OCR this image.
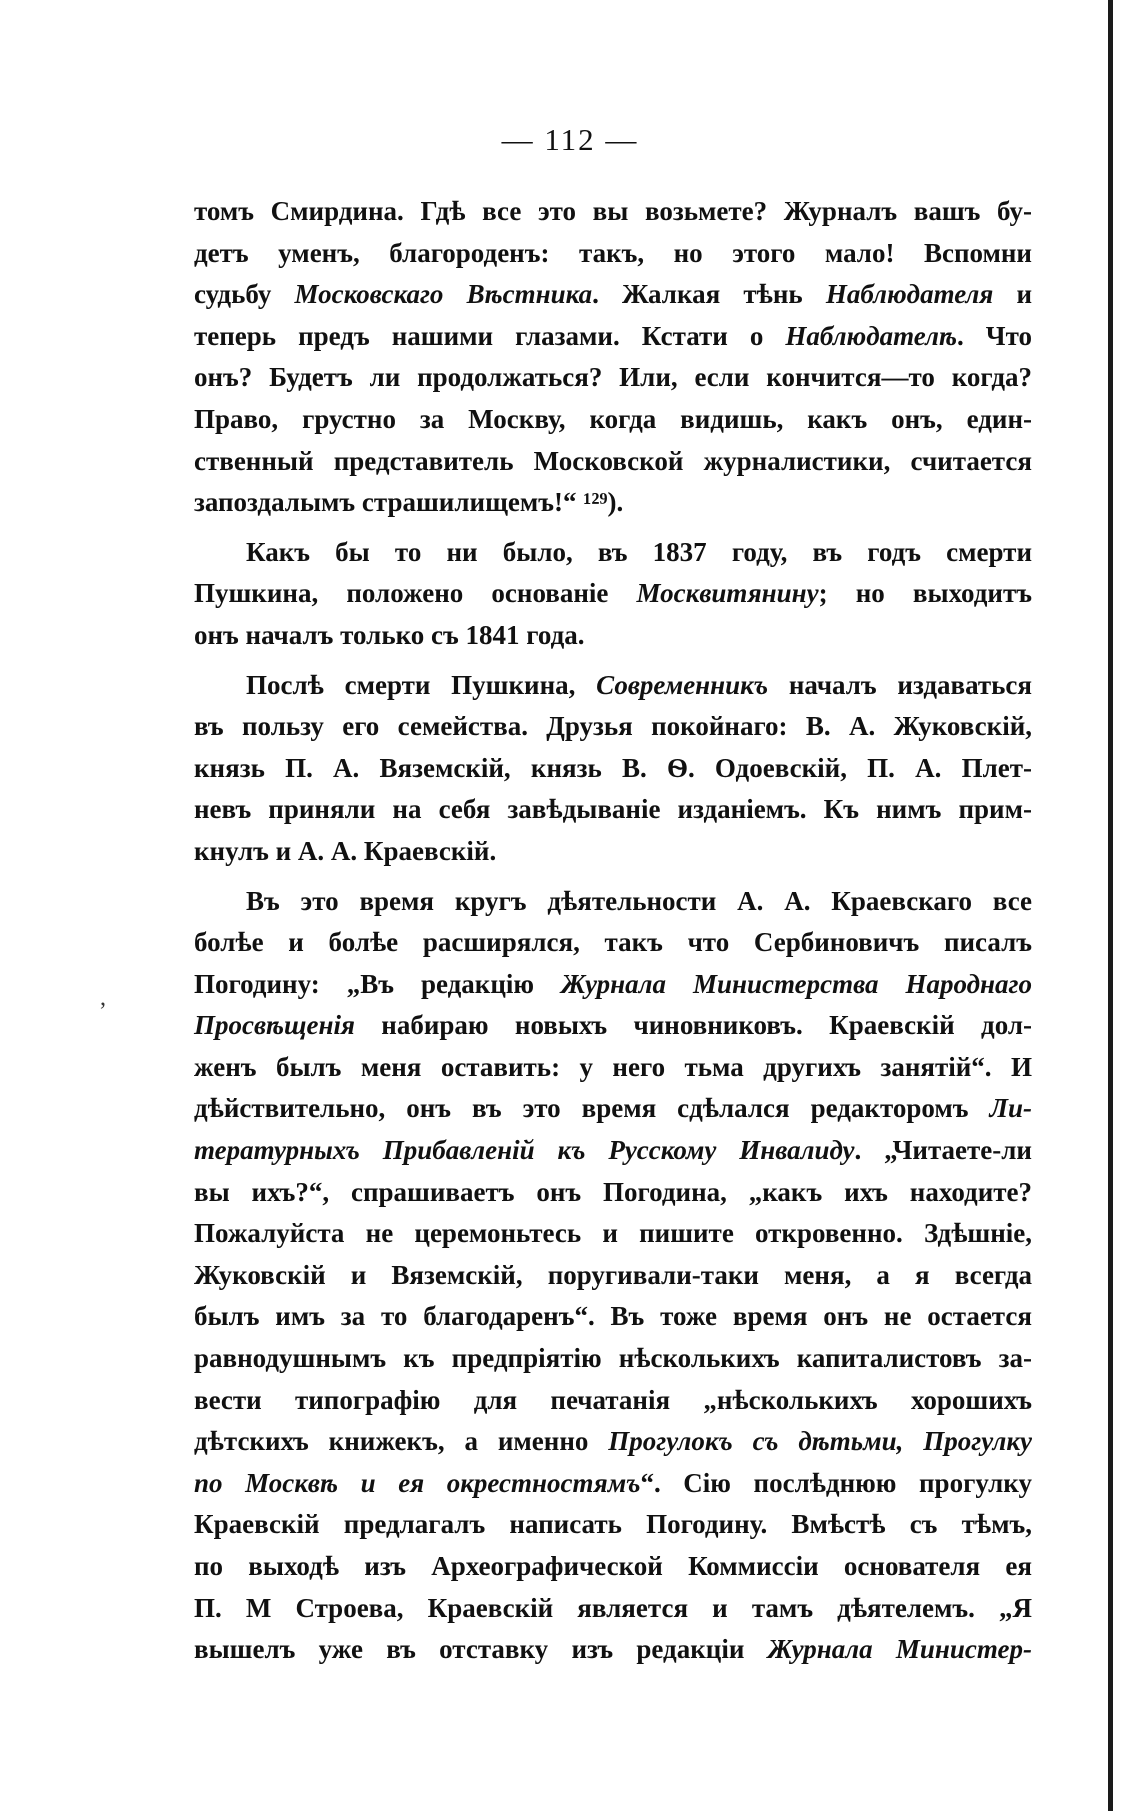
— 112 —
,
томъ Смирдина. Гдѣ все это вы возьмете? Журналъ вашъ бу-
детъ уменъ, благороденъ: такъ, но этого мало! Вспомни
судьбу Московскаго Вѣстника. Жалкая тѣнь Наблюдателя и
теперь предъ нашими глазами. Кстати о Наблюдателѣ. Что
онъ? Будетъ ли продолжаться? Или, если кончится—то когда?
Право, грустно за Москву, когда видишь, какъ онъ, един-
ственный представитель Московской журналистики, считается
запоздалымъ страшилищемъ!“ ¹²⁹).
Какъ бы то ни было, въ 1837 году, въ годъ смерти
Пушкина, положено основаніе Москвитянину; но выходитъ
онъ началъ только съ 1841 года.
Послѣ смерти Пушкина, Современникъ началъ издаваться
въ пользу его семейства. Друзья покойнаго: В. А. Жуковскій,
князь П. А. Вяземскій, князь В. Ѳ. Одоевскій, П. А. Плет-
невъ приняли на себя завѣдываніе изданіемъ. Къ нимъ прим-
кнулъ и А. А. Краевскій.
Въ это время кругъ дѣятельности А. А. Краевскаго все
болѣе и болѣе расширялся, такъ что Сербиновичъ писалъ
Погодину: „Въ редакцію Журнала Министерства Народнаго
Просвѣщенія набираю новыхъ чиновниковъ. Краевскій дол-
женъ былъ меня оставить: у него тьма другихъ занятій“. И
дѣйствительно, онъ въ это время сдѣлался редакторомъ Ли-
тературныхъ Прибавленій къ Русскому Инвалиду. „Читаете-ли
вы ихъ?“, спрашиваетъ онъ Погодина, „какъ ихъ находите?
Пожалуйста не церемоньтесь и пишите откровенно. Здѣшніе,
Жуковскій и Вяземскій, поругивали-таки меня, а я всегда
былъ имъ за то благодаренъ“. Въ тоже время онъ не остается
равнодушнымъ къ предпріятію нѣсколькихъ капиталистовъ за-
вести типографію для печатанія „нѣсколькихъ хорошихъ
дѣтскихъ книжекъ, а именно Прогулокъ съ дѣтьми, Прогулку
по Москвѣ и ея окрестностямъ“. Сію послѣднюю прогулку
Краевскій предлагалъ написать Погодину. Вмѣстѣ съ тѣмъ,
по выходѣ изъ Археографической Коммиссіи основателя ея
П. М Строева, Краевскій является и тамъ дѣятелемъ. „Я
вышелъ уже въ отставку изъ редакціи Журнала Министер-
